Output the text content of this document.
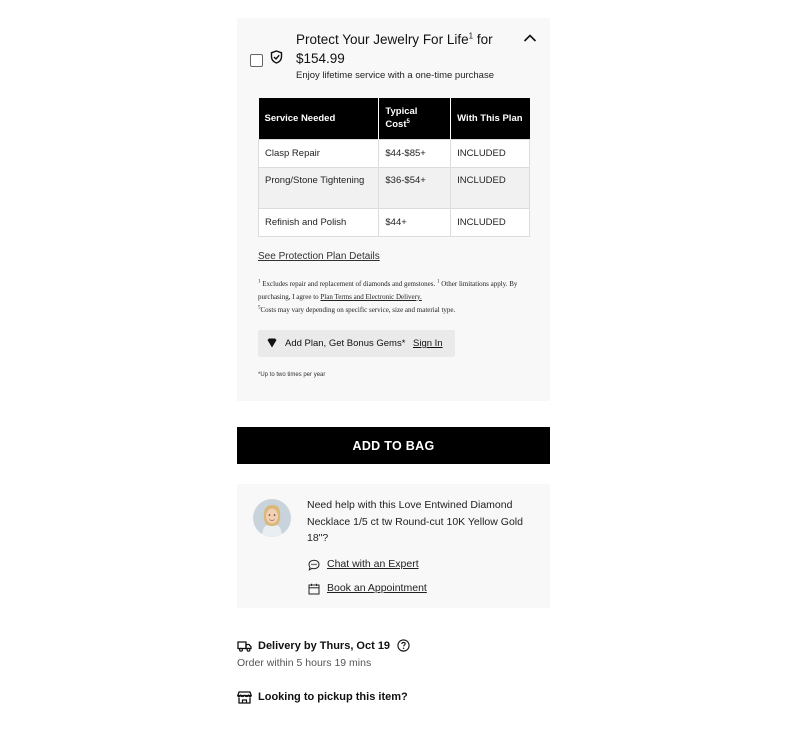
Protect Your Jewelry For Life$^1$ for
$154.99
Enjoy lifetime service with a one-time purchase
Service Needed	Typical Cost$^5$	With This Plan
Clasp Repair	$44-$85+	INCLUDED
Prong/Stone Tightening	$36-$54+	INCLUDED
Refinish and Polish	$44+	INCLUDED
See Protection Plan Details
$^1$ Excludes repair and replacement of diamonds and gemstones. $^1$ Other limitations apply. By purchasing, I agree to Plan Terms and Electronic Delivery.
$^5$Costs may vary depending on specific service, size and material type.
Add Plan, Get Bonus Gems* Sign In
*Up to two times per year
ADD TO BAG
Need help with this Love Entwined Diamond Necklace 1/5 ct tw Round-cut 10K Yellow Gold 18"?
Chat with an Expert
Book an Appointment
Delivery by Thurs, Oct 19
Order within 5 hours 19 mins
Looking to pickup this item?
